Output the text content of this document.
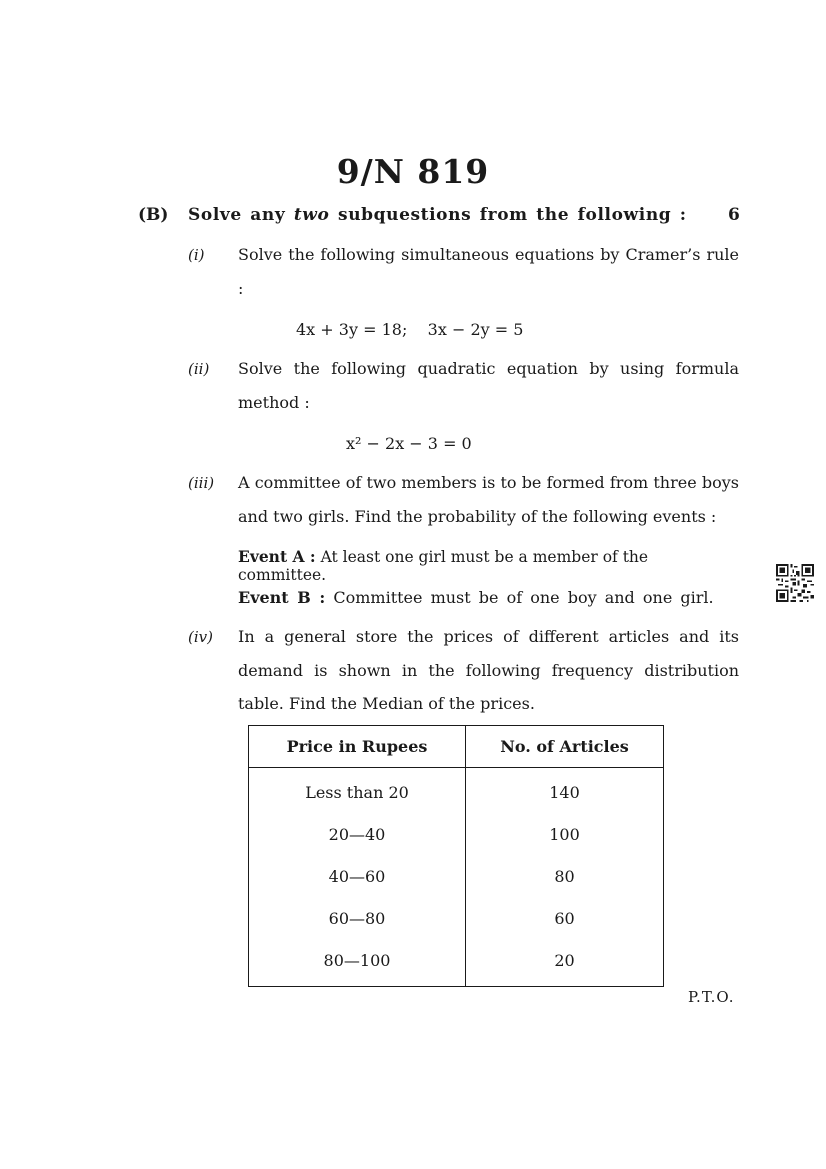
9/N 819
(B) Solve any two subquestions from the following : 6
(i) Solve the following simultaneous equations by Cramer’s rule :
4x + 3y = 18;    3x − 2y = 5
(ii) Solve the following quadratic equation by using formula method :
x² − 2x − 3 = 0
(iii) A committee of two members is to be formed from three boys and two girls. Find the probability of the following events :
Event A : At least one girl must be a member of the committee.
Event B : Committee must be of one boy and one girl.
(iv) In a general store the prices of different articles and its demand is shown in the following frequency distribution table. Find the Median of the prices.
Price in Rupees	No. of Articles
Less than 20	140
20—40	100
40—60	80
60—80	60
80—100	20
P.T.O.
